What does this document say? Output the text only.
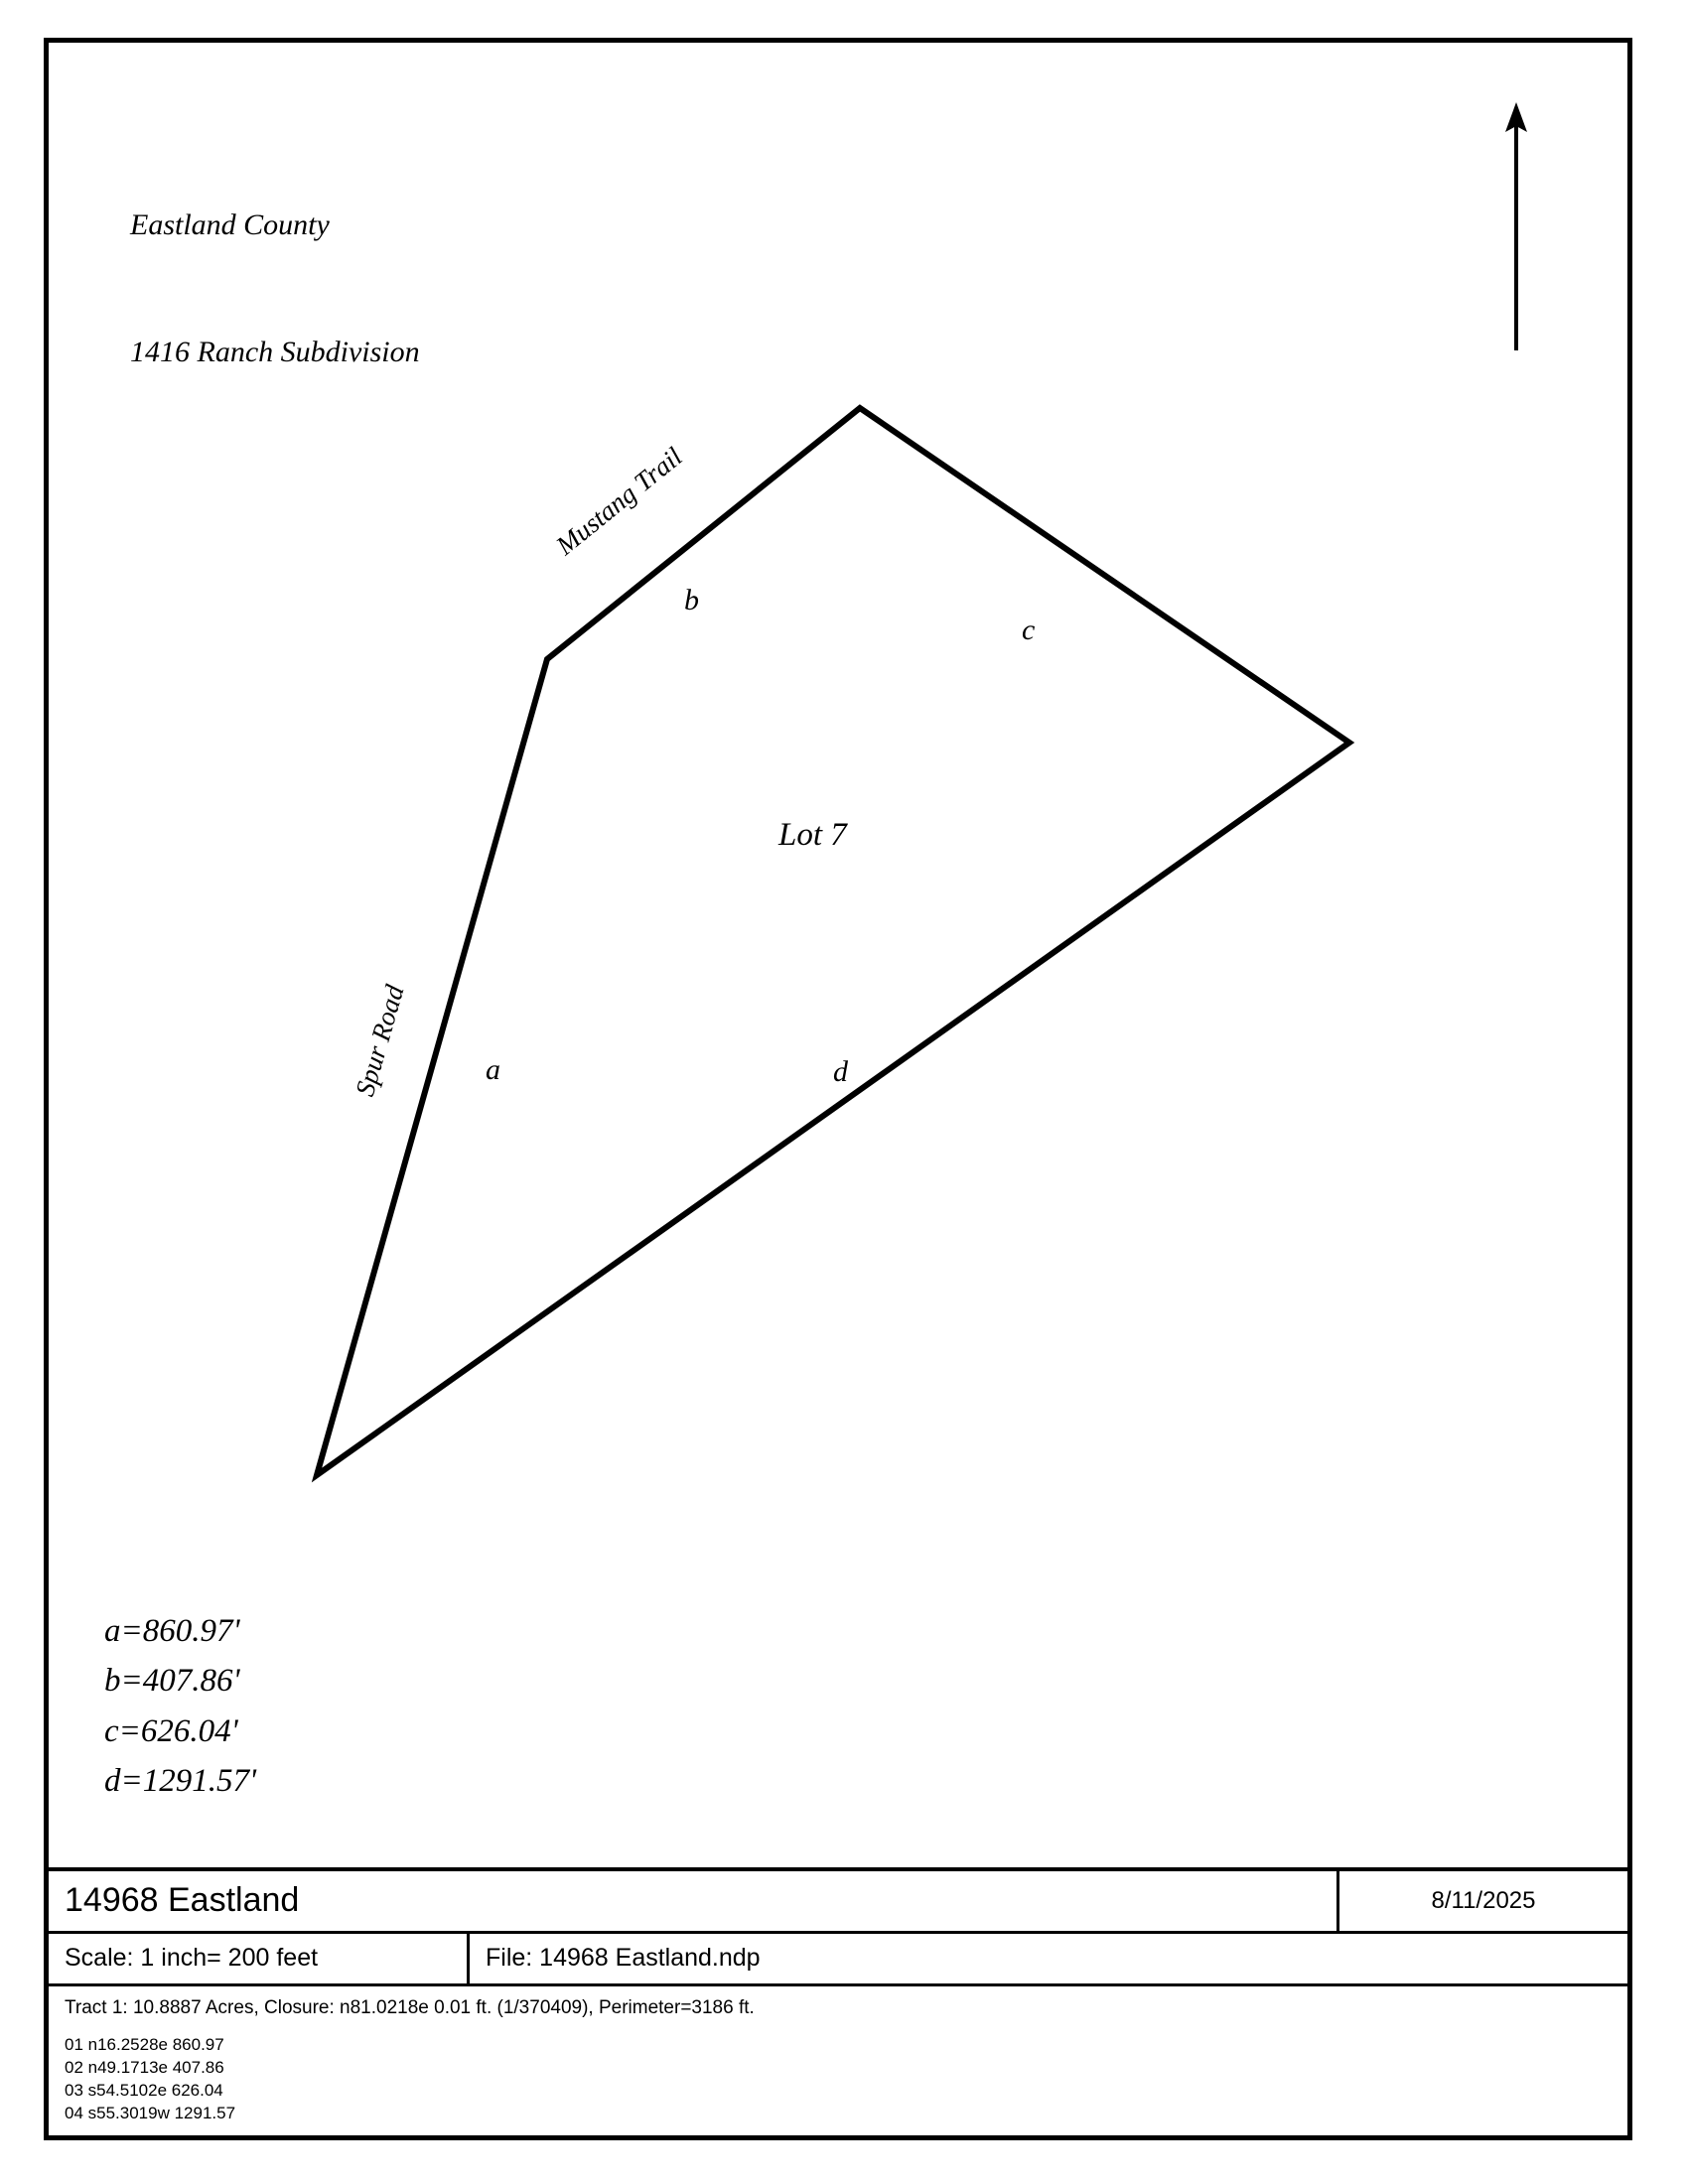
Eastland County

1416 Ranch Subdivision

Lot 7
a
b
c
d
Mustang Trail
Spur Road
a=860.97'
b=407.86'
c=626.04'
d=1291.57'
14968 Eastland	8/11/2025
Scale: 1 inch= 200 feet	File: 14968 Eastland.ndp
Tract 1: 10.8887 Acres, Closure: n81.0218e 0.01 ft. (1/370409), Perimeter=3186 ft.
01 n16.2528e 860.97
02 n49.1713e 407.86
03 s54.5102e 626.04
04 s55.3019w 1291.57
